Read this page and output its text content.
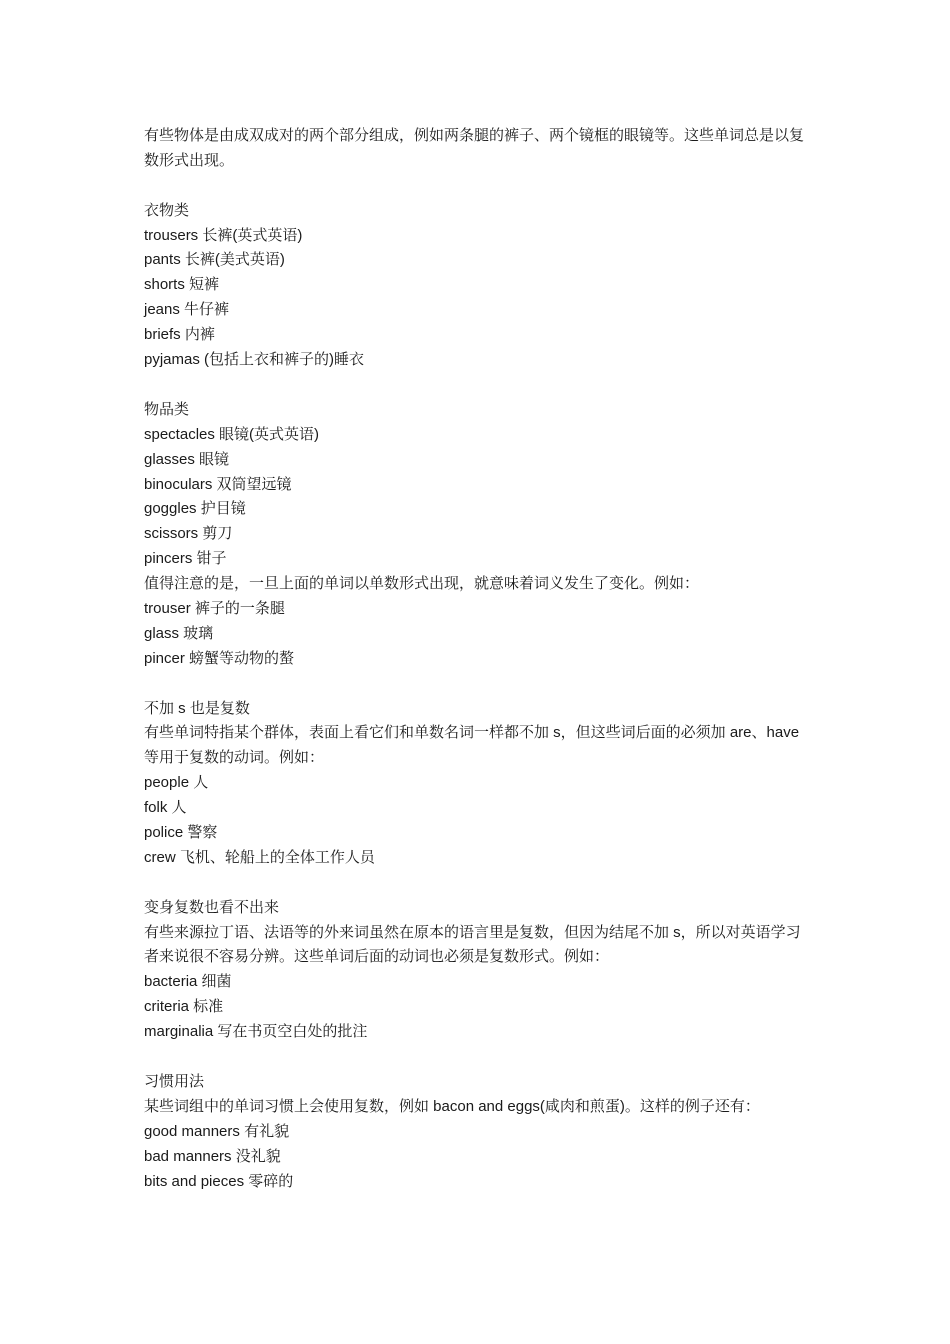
有些物体是由成双成对的两个部分组成，例如两条腿的裤子、两个镜框的眼镜等。这些单词总是以复数形式出现。
衣物类
trousers 长裤(英式英语)
pants 长裤(美式英语)
shorts 短裤
jeans 牛仔裤
briefs 内裤
pyjamas (包括上衣和裤子的)睡衣
物品类
spectacles 眼镜(英式英语)
glasses 眼镜
binoculars 双筒望远镜
goggles 护目镜
scissors 剪刀
pincers 钳子
值得注意的是，一旦上面的单词以单数形式出现，就意味着词义发生了变化。例如：
trouser 裤子的一条腿
glass 玻璃
pincer 螃蟹等动物的螯
不加 s 也是复数
有些单词特指某个群体，表面上看它们和单数名词一样都不加 s，但这些词后面的必须加 are、have 等用于复数的动词。例如：
people 人
folk 人
police 警察
crew 飞机、轮船上的全体工作人员
变身复数也看不出来
有些来源拉丁语、法语等的外来词虽然在原本的语言里是复数，但因为结尾不加 s，所以对英语学习者来说很不容易分辨。这些单词后面的动词也必须是复数形式。例如：
bacteria 细菌
criteria 标准
marginalia 写在书页空白处的批注
习惯用法
某些词组中的单词习惯上会使用复数，例如 bacon and eggs(咸肉和煎蛋)。这样的例子还有：
good manners 有礼貌
bad manners 没礼貌
bits and pieces 零碎的
